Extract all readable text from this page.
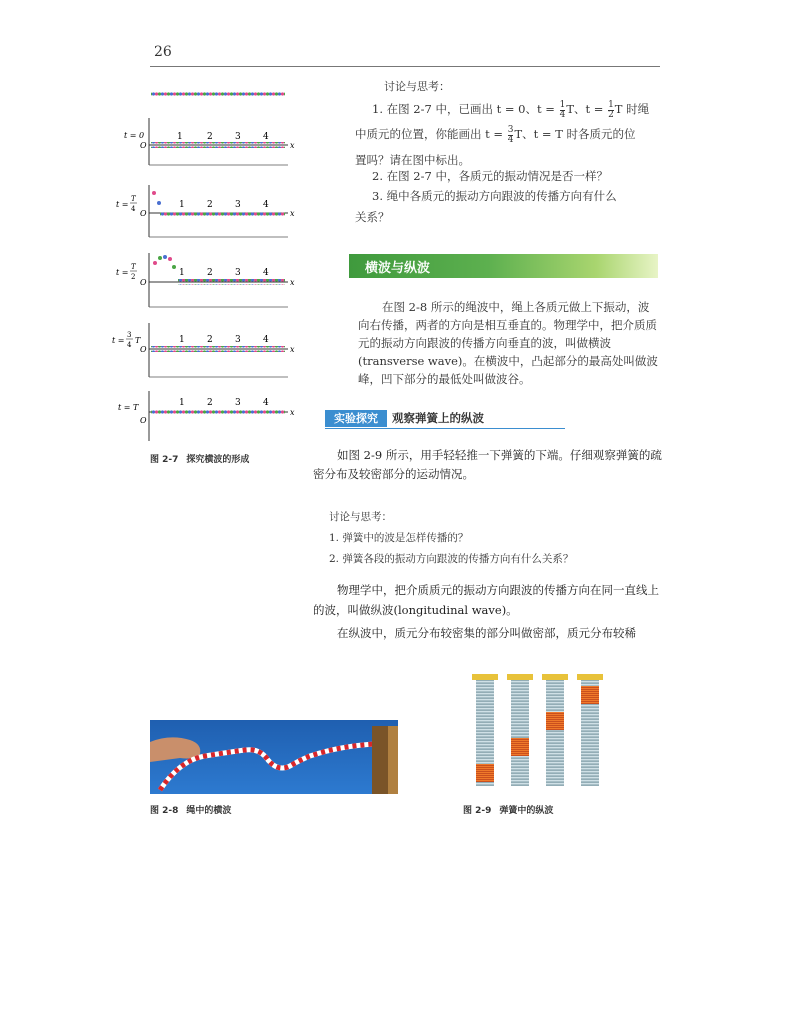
26
t = 0
O	x
1	2 3 4
t =
T
4 O	x
1 2 3 4
t =
T
2
O	x
1 2 3 4
t =
3
4 T
O	x
1 2 3 4
t = T
O
x
1 2 3 4
图 2-7 探究横波的形成
讨论与思考：
1. 在图 2-7 中，已画出 t = 0、$t = \frac{1}{4}$ T、$t = \frac{1}{2}$ T 时绳
中质元的位置，你能画出 $t = \frac{3}{4}$ T、t = T 时各质元的位
置吗？请在图中标出。
2. 在图 2-7 中，各质元的振动情况是否一样？
3. 绳中各质元的振动方向跟波的传播方向有什么
关系？
横波与纵波
在图 2-8 所示的绳波中，绳上各质元做上下振动，波向右传播，两者的方向是相互垂直的。物理学中，把介质质元的振动方向跟波的传播方向垂直的波，叫做横波(transverse wave)。在横波中，凸起部分的最高处叫做波峰，凹下部分的最低处叫做波谷。
实验探究	观察弹簧上的纵波
如图 2-9 所示，用手轻轻推一下弹簧的下端。仔细观察弹簧的疏密分布及较密部分的运动情况。
讨论与思考：
1. 弹簧中的波是怎样传播的？
2. 弹簧各段的振动方向跟波的传播方向有什么关系？
物理学中，把介质质元的振动方向跟波的传播方向在同一直线上的波，叫做纵波(longitudinal wave)。
在纵波中，质元分布较密集的部分叫做密部，质元分布较稀
图 2-8 绳中的横波	图 2-9 弹簧中的纵波
